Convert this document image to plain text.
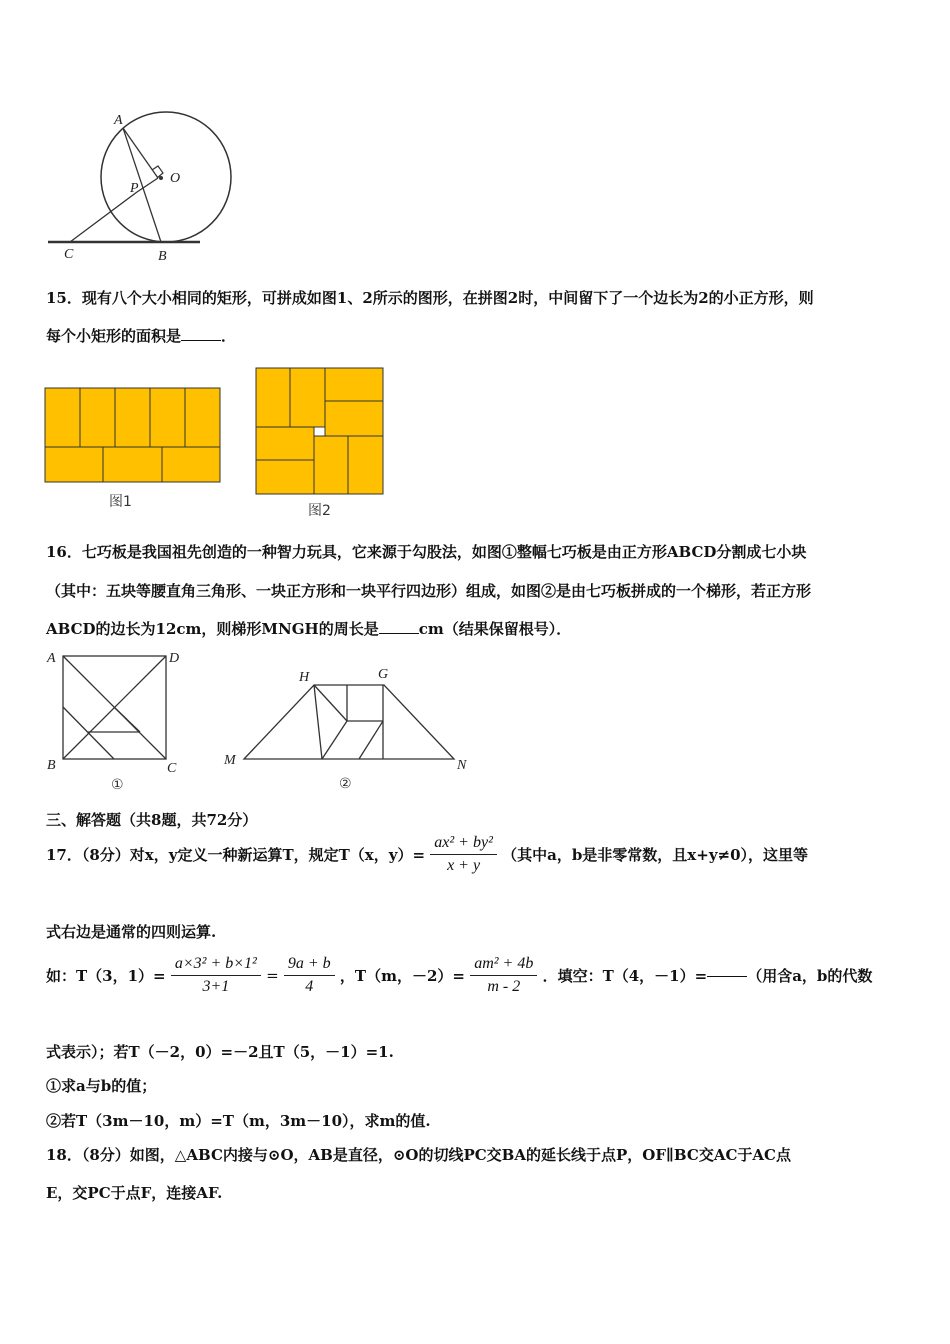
A
O
P
C	B
15．现有八个大小相同的矩形，可拼成如图1、2所示的图形，在拼图2时，中间留下了一个边长为2的小正方形，则
每个小矩形的面积是	．
图1
图2
16．七巧板是我国祖先创造的一种智力玩具，它来源于勾股法，如图①整幅七巧板是由正方形ABCD分割成七小块
（其中：五块等腰直角三角形、一块正方形和一块平行四边形）组成，如图②是由七巧板拼成的一个梯形，若正方形
ABCD的边长为12cm，则梯形MNGH的周长是	cm（结果保留根号）．
A	D
B	C
①
H	G
M	N
②
三、解答题（共8题，共72分）
17．（8分）对x，y定义一种新运算T，规定T（x，$y)= \frac{\text{ax² + by²}}{x + y}$ （其中a，b是非零常数，且x+y≠0），这里等
式右边是通常的四则运算.
如：T（3，$1)= \frac{\text{a×3² + b×1²}}{3+1} = \frac{9a + b}{4}$ ，T（m，$-2)= \frac{\text{am² + 4b}}{m - 2}$ ．填空：T（4，－1）=	（用含a，b的代数
式表示）；若T（－2，0）=－2且T（5，－1）=1.
①求a与b的值；
②若T（3m－10，m）=T（m，3m－10），求m的值.
18．（8分）如图，△ABC内接与⊙O，AB是直径，⊙O的切线PC交BA的延长线于点P，OF∥BC交AC于AC点
E，交PC于点F，连接AF.
